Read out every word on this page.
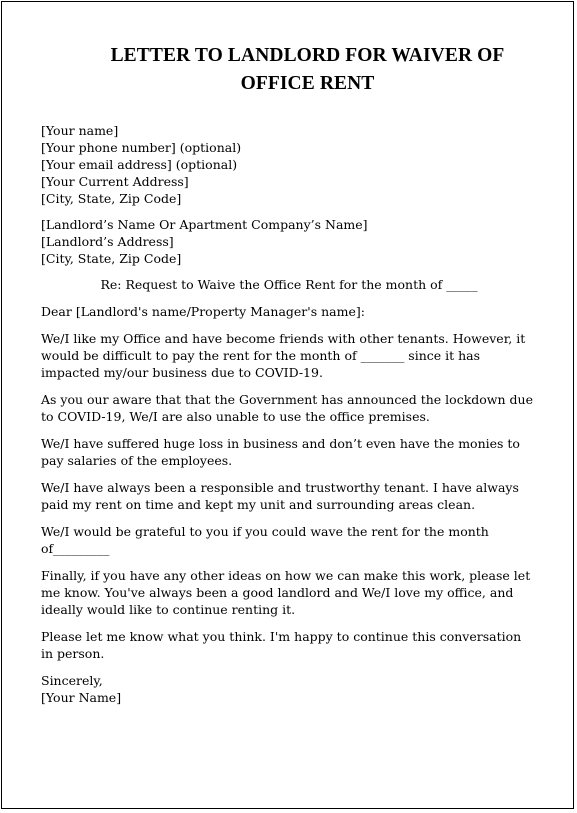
LETTER TO LANDLORD FOR WAIVER OF
OFFICE RENT
[Your name]
[Your phone number] (optional)
[Your email address] (optional)
[Your Current Address]
[City, State, Zip Code]
[Landlord’s Name Or Apartment Company’s Name]
[Landlord’s Address]
[City, State, Zip Code]
Re: Request to Waive the Office Rent for the month of _____

Dear [Landlord's name/Property Manager's name]:

We/I like my Office and have become friends with other tenants. However, it would be difficult to pay the rent for the month of _______ since it has impacted my/our business due to COVID-19.

As you our aware that that the Government has announced the lockdown due to COVID-19, We/I are also unable to use the office premises.

We/I have suffered huge loss in business and don’t even have the monies to pay salaries of the employees.

We/I have always been a responsible and trustworthy tenant. I have always paid my rent on time and kept my unit and surrounding areas clean.

We/I would be grateful to you if you could wave the rent for the month of_________

Finally, if you have any other ideas on how we can make this work, please let me know. You've always been a good landlord and We/I love my office, and ideally would like to continue renting it.

Please let me know what you think. I'm happy to continue this conversation in person.

Sincerely,
[Your Name]
